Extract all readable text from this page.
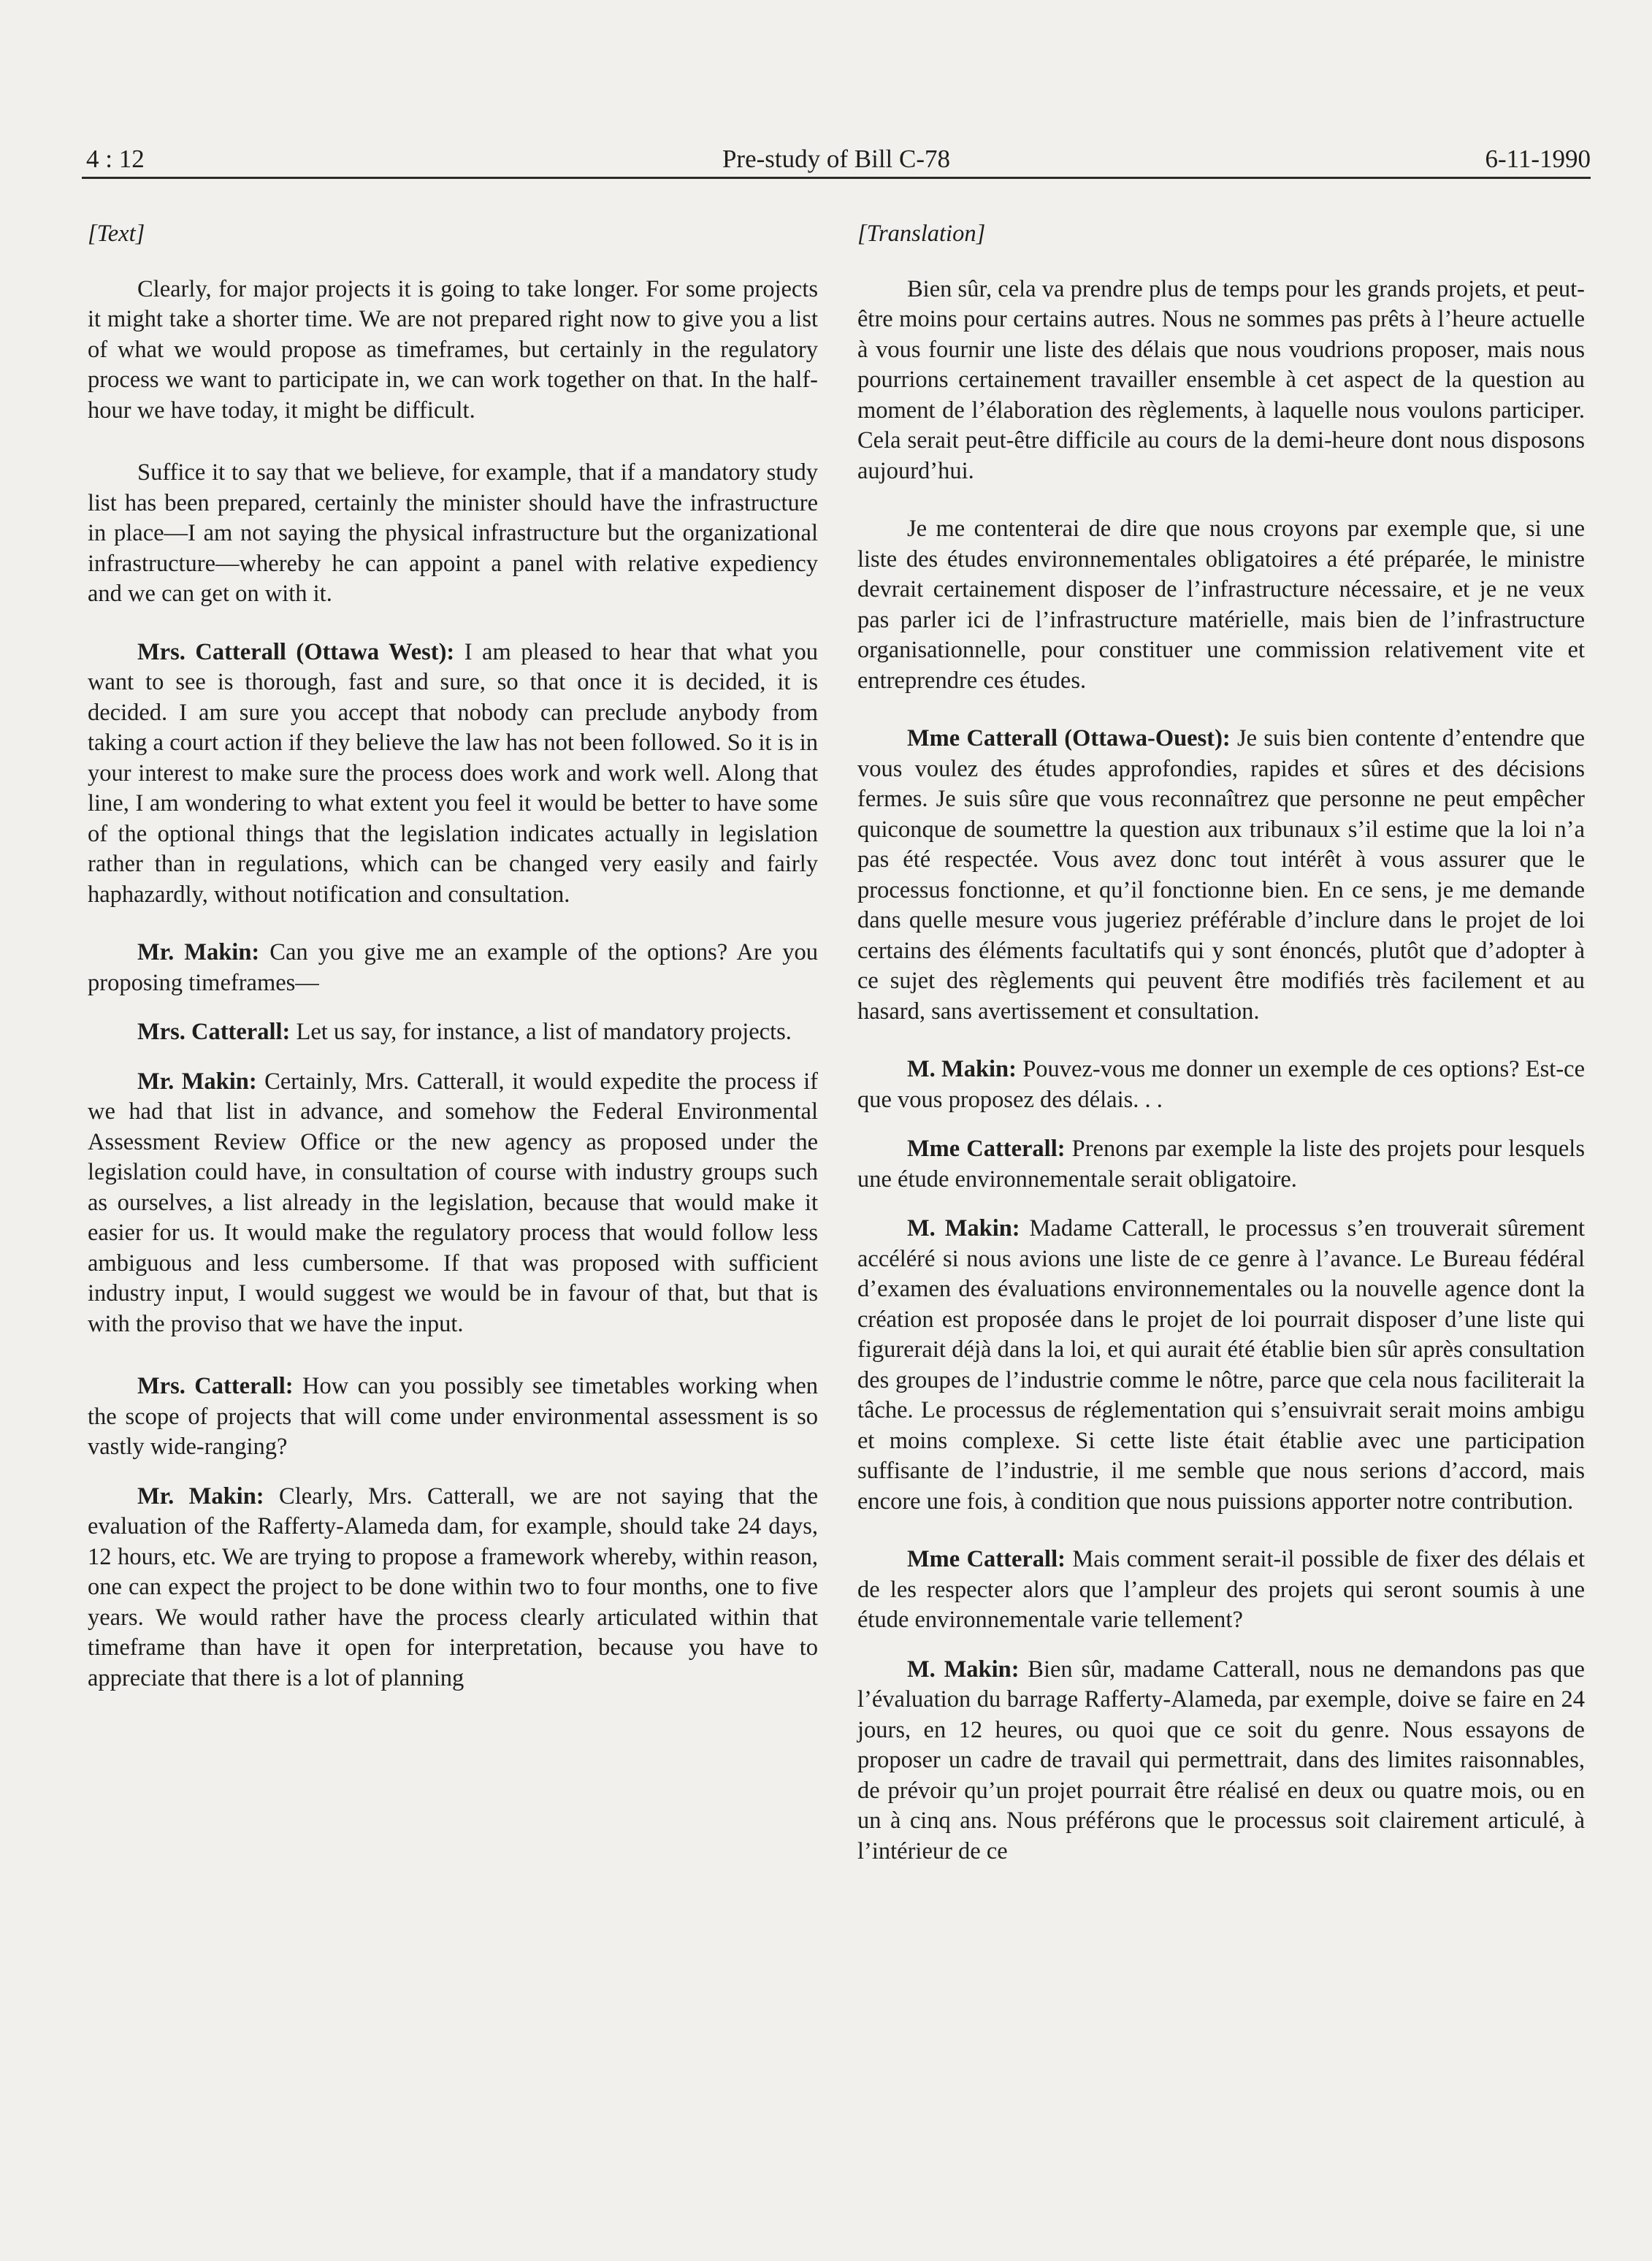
4 : 12	Pre-study of Bill C-78	6-11-1990

[Text]

Clearly, for major projects it is going to take longer. For some projects it might take a shorter time. We are not prepared right now to give you a list of what we would propose as timeframes, but certainly in the regulatory process we want to participate in, we can work together on that. In the half-hour we have today, it might be difficult.

Suffice it to say that we believe, for example, that if a mandatory study list has been prepared, certainly the minister should have the infrastructure in place—I am not saying the physical infrastructure but the organizational infrastructure—whereby he can appoint a panel with relative expediency and we can get on with it.

Mrs. Catterall (Ottawa West): I am pleased to hear that what you want to see is thorough, fast and sure, so that once it is decided, it is decided. I am sure you accept that nobody can preclude anybody from taking a court action if they believe the law has not been followed. So it is in your interest to make sure the process does work and work well. Along that line, I am wondering to what extent you feel it would be better to have some of the optional things that the legislation indicates actually in legislation rather than in regulations, which can be changed very easily and fairly haphazardly, without notification and consultation.

Mr. Makin: Can you give me an example of the options? Are you proposing timeframes—

Mrs. Catterall: Let us say, for instance, a list of mandatory projects.

Mr. Makin: Certainly, Mrs. Catterall, it would expedite the process if we had that list in advance, and somehow the Federal Environmental Assessment Review Office or the new agency as proposed under the legislation could have, in consultation of course with industry groups such as ourselves, a list already in the legislation, because that would make it easier for us. It would make the regulatory process that would follow less ambiguous and less cumbersome. If that was proposed with sufficient industry input, I would suggest we would be in favour of that, but that is with the proviso that we have the input.

Mrs. Catterall: How can you possibly see timetables working when the scope of projects that will come under environmental assessment is so vastly wide-ranging?

Mr. Makin: Clearly, Mrs. Catterall, we are not saying that the evaluation of the Rafferty-Alameda dam, for example, should take 24 days, 12 hours, etc. We are trying to propose a framework whereby, within reason, one can expect the project to be done within two to four months, one to five years. We would rather have the process clearly articulated within that timeframe than have it open for interpretation, because you have to appreciate that there is a lot of planning

[Translation]

Bien sûr, cela va prendre plus de temps pour les grands projets, et peut-être moins pour certains autres. Nous ne sommes pas prêts à l’heure actuelle à vous fournir une liste des délais que nous voudrions proposer, mais nous pourrions certainement travailler ensemble à cet aspect de la question au moment de l’élaboration des règlements, à laquelle nous voulons participer. Cela serait peut-être difficile au cours de la demi-heure dont nous disposons aujourd’hui.

Je me contenterai de dire que nous croyons par exemple que, si une liste des études environnementales obligatoires a été préparée, le ministre devrait certainement disposer de l’infrastructure nécessaire, et je ne veux pas parler ici de l’infrastructure matérielle, mais bien de l’infrastructure organisationnelle, pour constituer une commission relativement vite et entreprendre ces études.

Mme Catterall (Ottawa-Ouest): Je suis bien contente d’entendre que vous voulez des études approfondies, rapides et sûres et des décisions fermes. Je suis sûre que vous reconnaîtrez que personne ne peut empêcher quiconque de soumettre la question aux tribunaux s’il estime que la loi n’a pas été respectée. Vous avez donc tout intérêt à vous assurer que le processus fonctionne, et qu’il fonctionne bien. En ce sens, je me demande dans quelle mesure vous jugeriez préférable d’inclure dans le projet de loi certains des éléments facultatifs qui y sont énoncés, plutôt que d’adopter à ce sujet des règlements qui peuvent être modifiés très facilement et au hasard, sans avertissement et consultation.

M. Makin: Pouvez-vous me donner un exemple de ces options? Est-ce que vous proposez des délais. . .

Mme Catterall: Prenons par exemple la liste des projets pour lesquels une étude environnementale serait obligatoire.

M. Makin: Madame Catterall, le processus s’en trouverait sûrement accéléré si nous avions une liste de ce genre à l’avance. Le Bureau fédéral d’examen des évaluations environnementales ou la nouvelle agence dont la création est proposée dans le projet de loi pourrait disposer d’une liste qui figurerait déjà dans la loi, et qui aurait été établie bien sûr après consultation des groupes de l’industrie comme le nôtre, parce que cela nous faciliterait la tâche. Le processus de réglementation qui s’ensuivrait serait moins ambigu et moins complexe. Si cette liste était établie avec une participation suffisante de l’industrie, il me semble que nous serions d’accord, mais encore une fois, à condition que nous puissions apporter notre contribution.

Mme Catterall: Mais comment serait-il possible de fixer des délais et de les respecter alors que l’ampleur des projets qui seront soumis à une étude environnementale varie tellement?

M. Makin: Bien sûr, madame Catterall, nous ne demandons pas que l’évaluation du barrage Rafferty-Alameda, par exemple, doive se faire en 24 jours, en 12 heures, ou quoi que ce soit du genre. Nous essayons de proposer un cadre de travail qui permettrait, dans des limites raisonnables, de prévoir qu’un projet pourrait être réalisé en deux ou quatre mois, ou en un à cinq ans. Nous préférons que le processus soit clairement articulé, à l’intérieur de ce
